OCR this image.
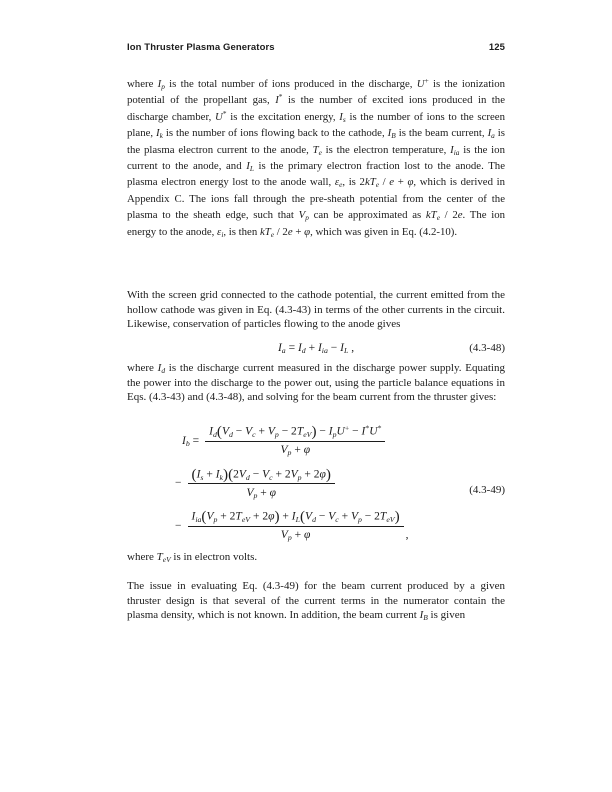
Ion Thruster Plasma Generators	125

where $I_p$ is the total number of ions produced in the discharge, U+ is the ionization potential of the propellant gas, I* is the number of excited ions produced in the discharge chamber, U* is the excitation energy, $I_s$ is the number of ions to the screen plane, $I_k$ is the number of ions flowing back to the cathode, $I_B$ is the beam current, $I_a$ is the plasma electron current to the anode, $T_e$ is the electron temperature, $I_{ia}$ is the ion current to the anode, and $I_L$ is the primary electron fraction lost to the anode. The plasma electron energy lost to the anode wall, $\varepsilon_e$, is $2kT_e / e + \varphi$, which is derived in Appendix C. The ions fall through the pre-sheath potential from the center of the plasma to the sheath edge, such that $V_p$ can be approximated as $kT_e / 2e$. The ion energy to the anode, $\varepsilon_i$, is then $kT_e / 2e + \varphi$, which was given in Eq. (4.2-10).

With the screen grid connected to the cathode potential, the current emitted from the hollow cathode was given in Eq. (4.3-43) in terms of the other currents in the circuit. Likewise, conservation of particles flowing to the anode gives

$I_a = I_d + I_{ia} - I_L$ ,	(4.3-48)

where $I_d$ is the discharge current measured in the discharge power supply. Equating the power into the discharge to the power out, using the particle balance equations in Eqs. (4.3-43) and (4.3-48), and solving for the beam current from the thruster gives:

$I_b = \frac{I_d(V_d - V_c + V_p - 2T_{eV}) - I_pU^+ - I^*U^*}{V_p + \varphi}$
− $\frac{(I_s + I_k)(2V_d - V_c + 2V_p + 2\varphi)}{V_p + \varphi}$
− $\frac{I_{ia}(V_p + 2T_{eV} + 2\varphi) + I_L(V_d - V_c + V_p - 2T_{eV})}{V_p + \varphi}$ ,
(4.3-49)

where $T_{eV}$ is in electron volts.

The issue in evaluating Eq. (4.3-49) for the beam current produced by a given thruster design is that several of the current terms in the numerator contain the plasma density, which is not known. In addition, the beam current $I_B$ is given
